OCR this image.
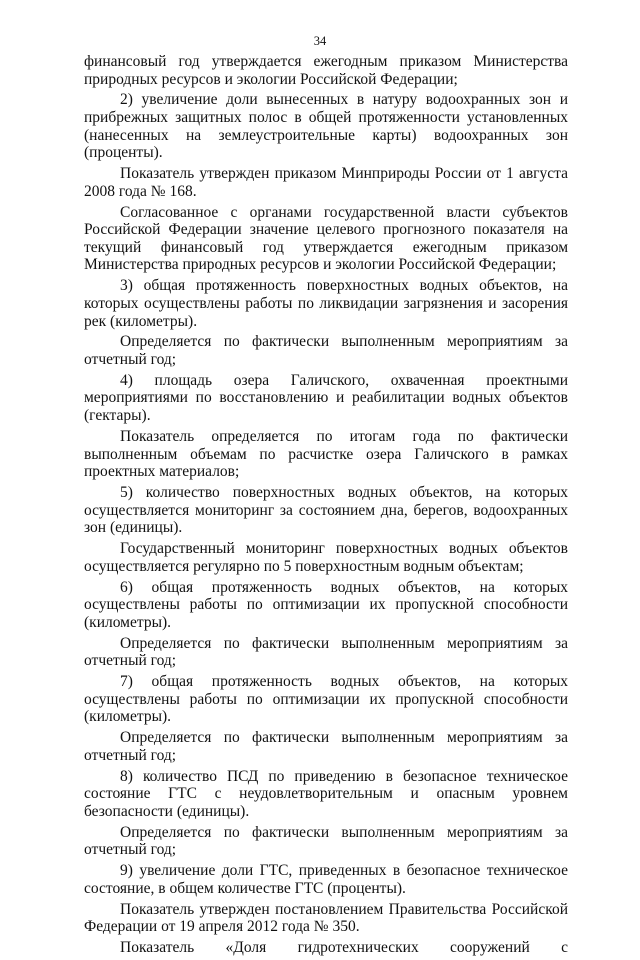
34

финансовый год утверждается ежегодным приказом Министерства природных ресурсов и экологии Российской Федерации;

2) увеличение доли вынесенных в натуру водоохранных зон и прибрежных защитных полос в общей протяженности установленных (нанесенных на землеустроительные карты) водоохранных зон (проценты).

Показатель утвержден приказом Минприроды России от 1 августа 2008 года № 168.

Согласованное с органами государственной власти субъектов Российской Федерации значение целевого прогнозного показателя на текущий финансовый год утверждается ежегодным приказом Министерства природных ресурсов и экологии Российской Федерации;

3) общая протяженность поверхностных водных объектов, на которых осуществлены работы по ликвидации загрязнения и засорения рек (километры).

Определяется по фактически выполненным мероприятиям за отчетный год;

4) площадь озера Галичского, охваченная проектными мероприятиями по восстановлению и реабилитации водных объектов (гектары).

Показатель определяется по итогам года по фактически выполненным объемам по расчистке озера Галичского в рамках проектных материалов;

5) количество поверхностных водных объектов, на которых осуществляется мониторинг за состоянием дна, берегов, водоохранных зон (единицы).

Государственный мониторинг поверхностных водных объектов осуществляется регулярно по 5 поверхностным водным объектам;

6) общая протяженность водных объектов, на которых осуществлены работы по оптимизации их пропускной способности (километры).

Определяется по фактически выполненным мероприятиям за отчетный год;

7) общая протяженность водных объектов, на которых осуществлены работы по оптимизации их пропускной способности (километры).

Определяется по фактически выполненным мероприятиям за отчетный год;

8) количество ПСД по приведению в безопасное техническое состояние ГТС с неудовлетворительным и опасным уровнем безопасности (единицы).

Определяется по фактически выполненным мероприятиям за отчетный год;

9) увеличение доли ГТС, приведенных в безопасное техническое состояние, в общем количестве ГТС (проценты).

Показатель утвержден постановлением Правительства Российской Федерации от 19 апреля 2012 года № 350.

Показатель «Доля гидротехнических сооружений с
